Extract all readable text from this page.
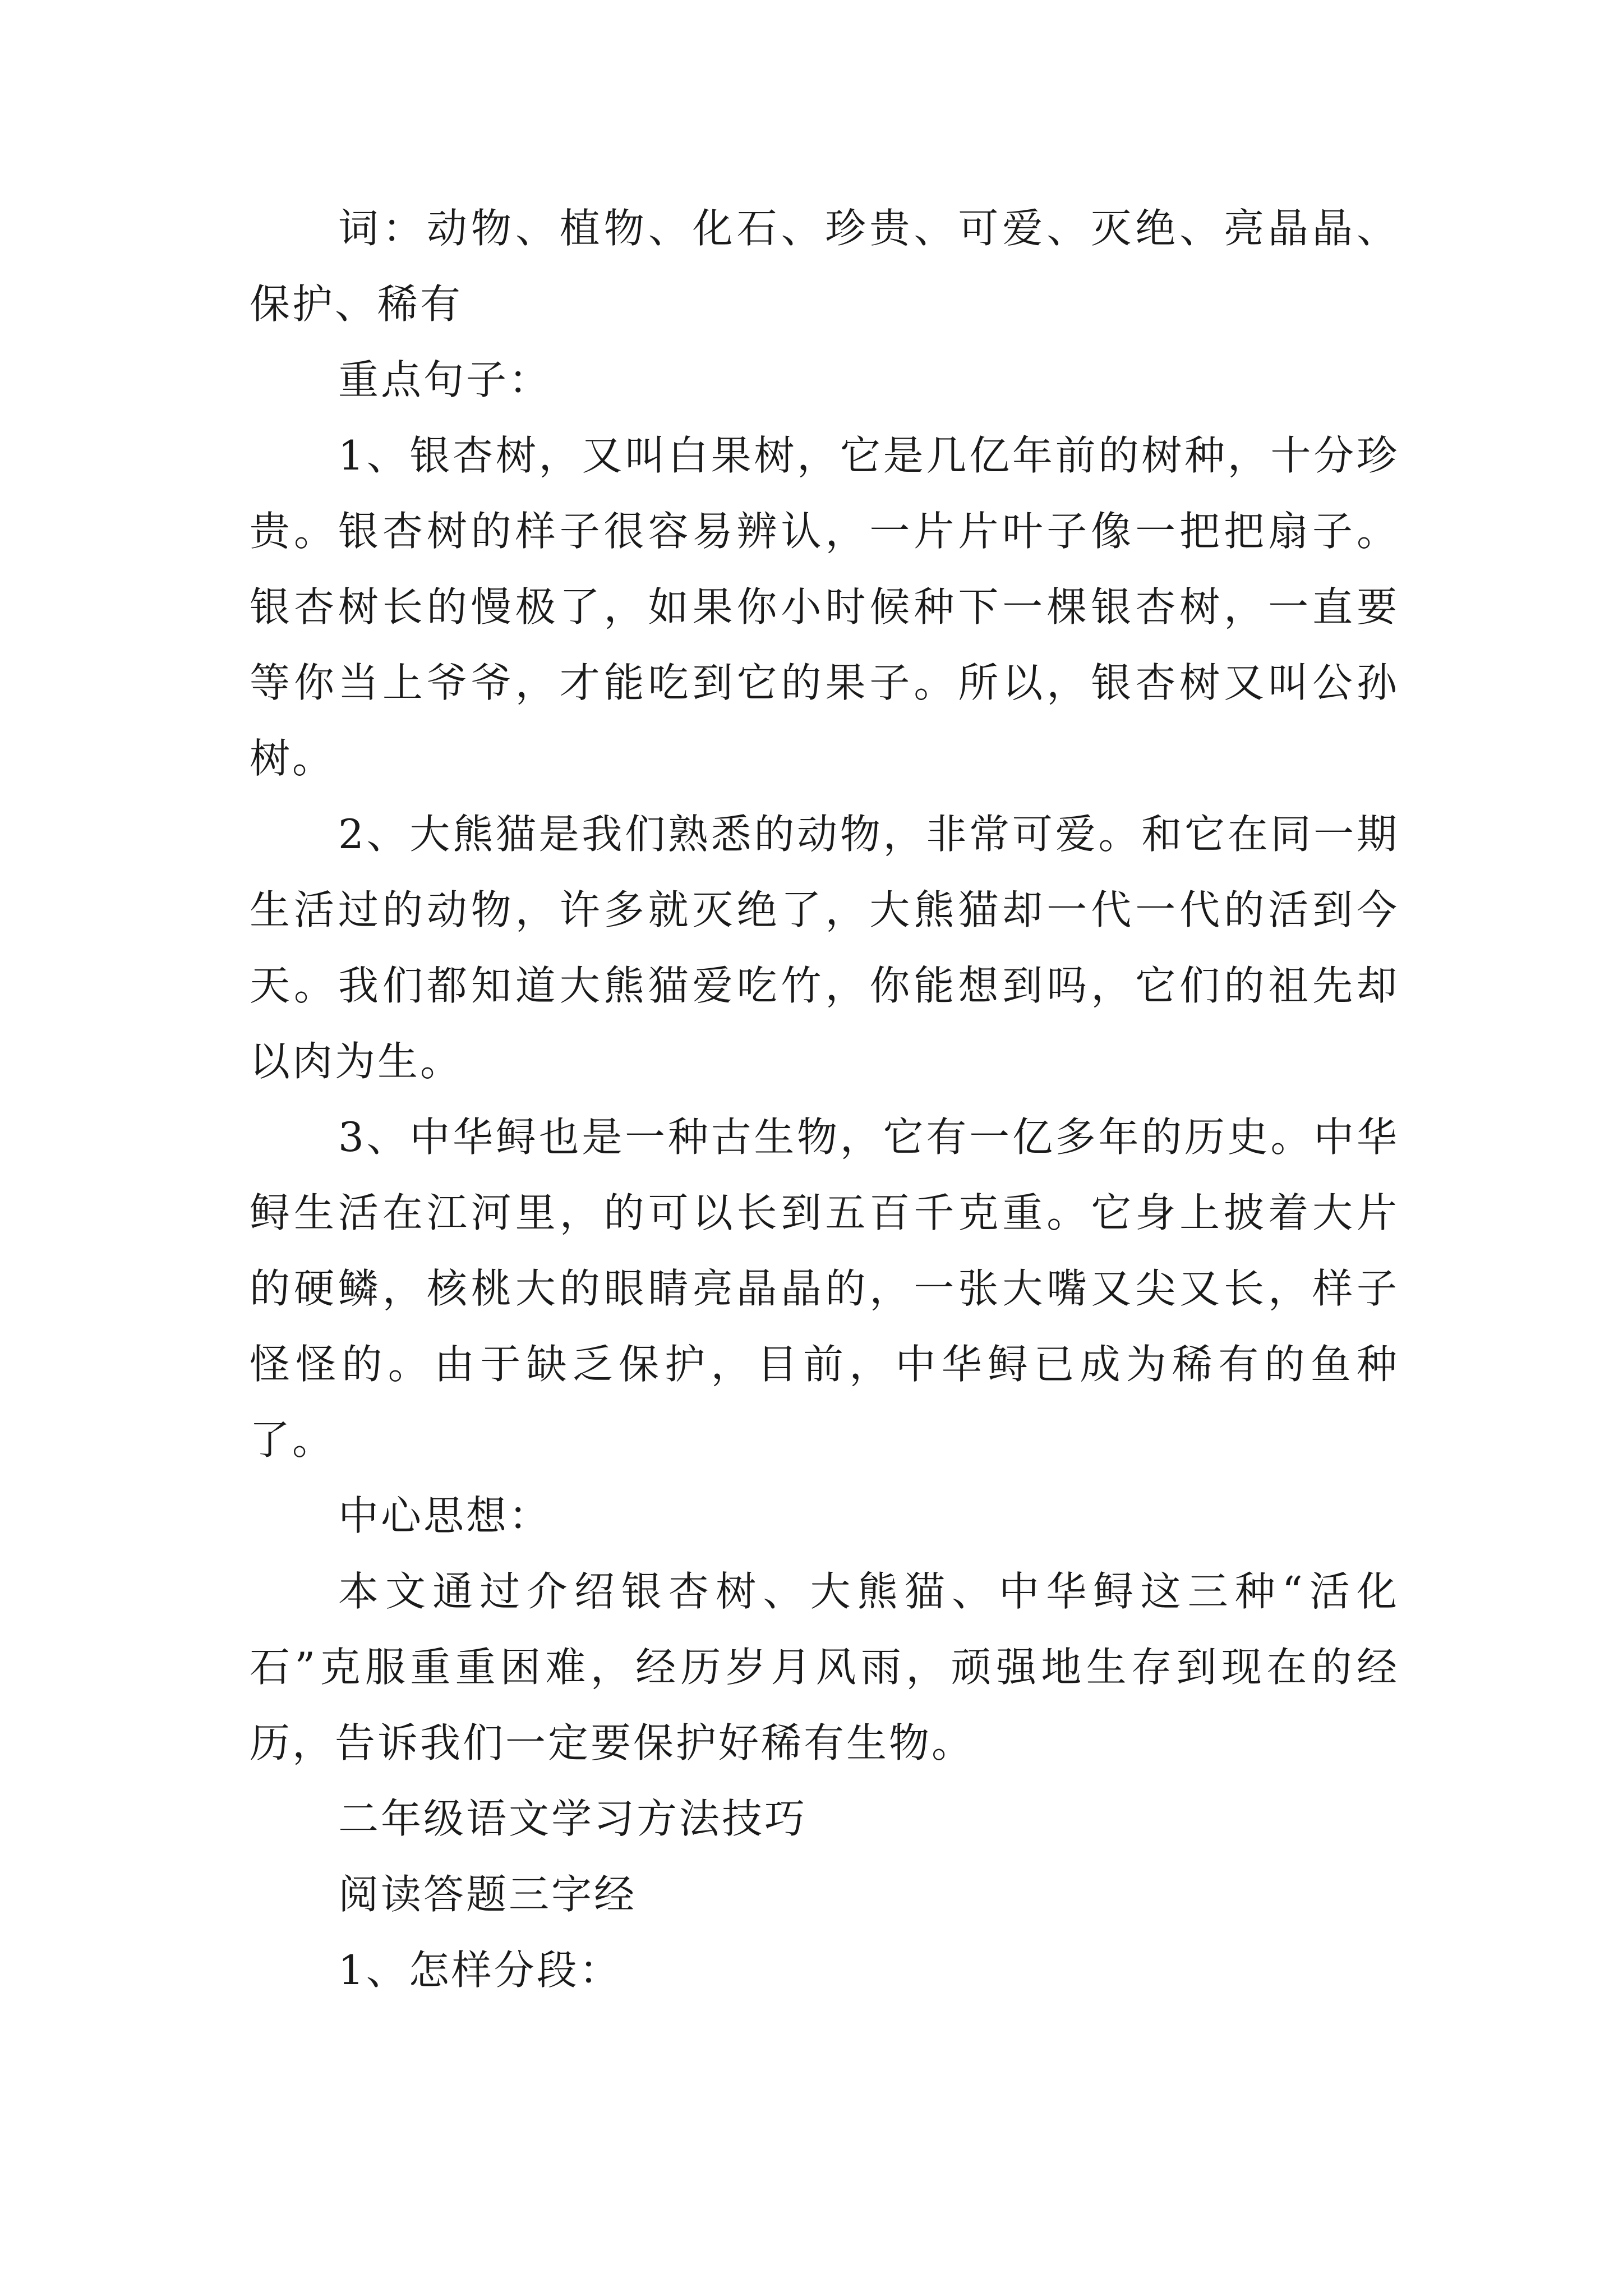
词：动物、植物、化石、珍贵、可爱、灭绝、亮晶晶、保护、稀有

重点句子：

1、银杏树，又叫白果树，它是几亿年前的树种，十分珍贵。银杏树的样子很容易辨认，一片片叶子像一把把扇子。银杏树长的慢极了，如果你小时候种下一棵银杏树，一直要等你当上爷爷，才能吃到它的果子。所以，银杏树又叫公孙树。

2、大熊猫是我们熟悉的动物，非常可爱。和它在同一期生活过的动物，许多就灭绝了，大熊猫却一代一代的活到今天。我们都知道大熊猫爱吃竹，你能想到吗，它们的祖先却以肉为生。

3、中华鲟也是一种古生物，它有一亿多年的历史。中华鲟生活在江河里，的可以长到五百千克重。它身上披着大片的硬鳞，核桃大的眼睛亮晶晶的，一张大嘴又尖又长，样子怪怪的。由于缺乏保护，目前，中华鲟已成为稀有的鱼种了。

中心思想：

本文通过介绍银杏树、大熊猫、中华鲟这三种“活化石”克服重重困难，经历岁月风雨，顽强地生存到现在的经历，告诉我们一定要保护好稀有生物。

二年级语文学习方法技巧

阅读答题三字经

1、怎样分段：
